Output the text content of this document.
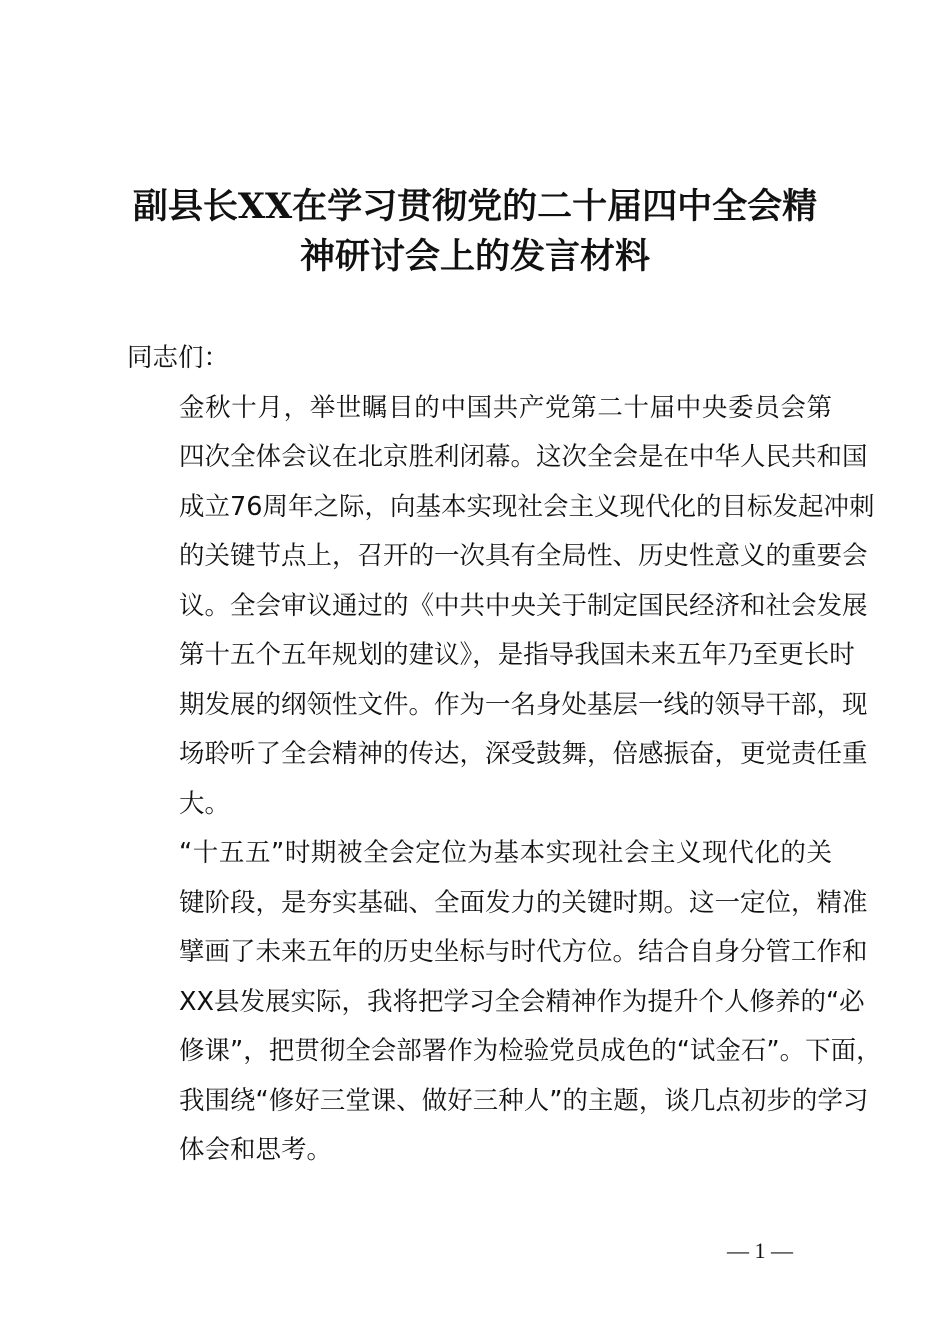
副县长XX在学习贯彻党的二十届四中全会精
神研讨会上的发言材料

同志们：

金秋十月，举世瞩目的中国共产党第二十届中央委员会第
四次全体会议在北京胜利闭幕。这次全会是在中华人民共和国
成立76周年之际，向基本实现社会主义现代化的目标发起冲刺
的关键节点上，召开的一次具有全局性、历史性意义的重要会
议。全会审议通过的《中共中央关于制定国民经济和社会发展
第十五个五年规划的建议》，是指导我国未来五年乃至更长时
期发展的纲领性文件。作为一名身处基层一线的领导干部，现
场聆听了全会精神的传达，深受鼓舞，倍感振奋，更觉责任重
大。

“十五五”时期被全会定位为基本实现社会主义现代化的关
键阶段，是夯实基础、全面发力的关键时期。这一定位，精准
擘画了未来五年的历史坐标与时代方位。结合自身分管工作和
XX县发展实际，我将把学习全会精神作为提升个人修养的“必
修课”，把贯彻全会部署作为检验党员成色的“试金石”。下面，
我围绕“修好三堂课、做好三种人”的主题，谈几点初步的学习
体会和思考。

— 1 —
